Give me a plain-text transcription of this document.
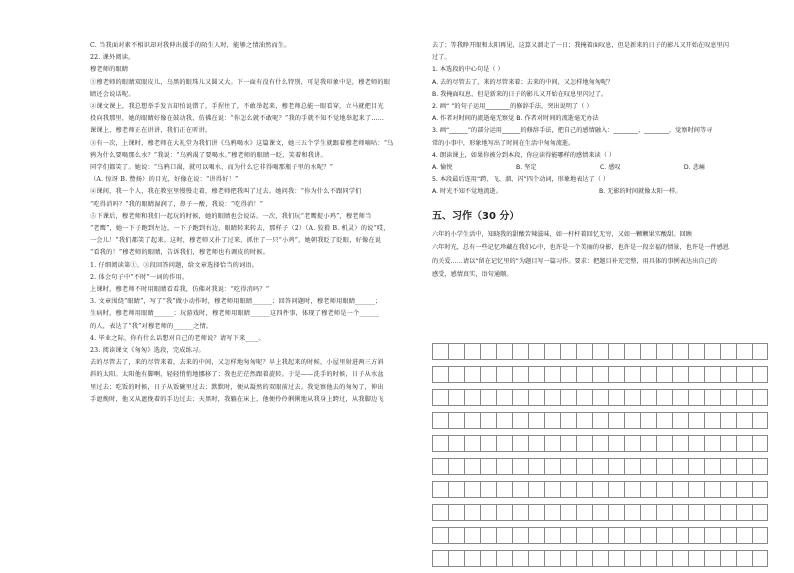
C. 当我面对素不相识却对我伸出援手的陌生人时，能够之情油然而生。
22. 课外阅读。
穆老师的眼睛
①穆老师的眼睛双眼皮儿，乌黑的眼珠儿又圆又大。下一面有没有什么特别，可是我印象中是，穆老师的眼
睛还会说话呢。
②课文课上，我总想举手发言却怕说错了，手捏住了，不敢举起来，穆老师总能一眼看穿，立马就把目光
投向我那里，她的眼睛好像在鼓动我，仿佛在说：“你怎么就不敢呢？”我的手就不知不觉地举起来了……
课课上，穆老师正在讲讲，我们正在听讲。
③有一次，上课时，穆老师在大礼堂为我们讲《乌鸦喝水》这篇课文，她三五个学生就跟着穆老师嘀咕：“乌
鸦为什么要喝那么水？”我说：“乌鸦渴了要喝水。”穆老师的眼睛一眨，笑着和我讲。
同学们都笑了。她说：“乌鸦口渴，就可以喝水，而为什么它非得喝那瓶子里的水呢？”
（A. 惊讶 B. 赞扬）的目光，好像在说：“讲得好！”
④课间，我一个人，我在教室里慢慢走着，穆老师把我叫了过去。她问我：“你为什么不跟同学们
“吃得消吗？”我的眼睛湿润了，鼻子一酸，我说：“吃得消！”
⑤下课后，穆老师和我们一起玩的时候，她的眼睛也会说话。一次，我们玩“老鹰捉小鸡”，穆老师当
“老鹰”，她一下子跑到左边，一下子跑到右边，眼睛转来转去，那样子（2）（A. 狡猾 B. 机灵）的说“哎，
一会儿！”我们都笑了起来。这时，穆老师又扑了过来，抓住了一只“小鸡”，她朝我眨了眨眼，好像在说
“看我的！”穆老师的眼睛，告诉我们，穆老师也有调皮的时候。
1. 仔细阅读第①、③段回答问题，给文章选择恰当的词语。
2. 体会句子中“不时”一词的作用。
上课时，穆老师不时用眼睛看看我，仿佛对我说：“吃得消吗？”
3. 文章围绕“眼睛”，写了“我”做小动作时，穆老师用眼睛______；回答问题时，穆老师用眼睛______；
生病时，穆老师用眼睛______；玩游戏时，穆老师用眼睛______这四件事，体现了穆老师是一个______
的人，表达了“我”对穆老师的______之情。
4. 毕业之际，你有什么话想对自己的老师说？请写下来____。
23. 阅读课文《匆匆》选段，完成练习。
去的尽管去了，来的尽管来着，去来的中间，又怎样地匆匆呢？早上我起来的时候，小屋里射进两三方斜
斜的太阳。太阳他有脚啊，轻轻悄悄地挪移了；我也茫茫然跟着旋转。于是——洗手的时候，日子从水盆
里过去；吃饭的时候，日子从饭碗里过去；默默时，便从凝然的双眼前过去。我觉察他去的匆匆了，伸出
手遮挽时，他又从遮挽着的手边过去；天黑时，我躺在床上，他便伶伶俐俐地从我身上跨过，从我脚边飞
去了；等我睁开眼和太阳再见，这算又溜走了一日；我掩着面叹息，但是新来的日子的影儿又开始在叹息里闪
过了。
1. 本选段的中心句是（ ）
A. 去的尽管去了，来的尽管来着；去来的中间，又怎样地匆匆呢？
B. 我掩面叹息，但是新来的日子的影儿又开始在叹息里闪过了。
2. 画“ ”的句子运用________的修辞手法，突出说明了（ ）
A. 作者对时间的流逝毫无察觉 B. 作者对时间的流逝毫无办法
3. 画“______”的部分运用______的修辞手法，把自己的感情融入：________、________，觉察时间等寻
常的小事中，形象地写出了时间在生活中匆匆流逝。
4. 朗读课上，如果你被分到本段，你应读得能哪样的感情来读（ ）
A. 愉悦	B. 坚定	C. 感叹	D. 悲痛
5. 本段最后连用“跨、飞、溜、闪”四个动词，形象地表达了（ ）
A. 时光不知不觉地流逝。	B. 无影的时间就像太阳一样。
五、习作（30 分）
六年的小学生活中，知晓我的甜酸苦辣滋味，如一杆杆着回忆无穷，又如一颗颗果实酸甜。回顾
六年时光，总有一些记忆珍藏在我们心中，也许是一个美丽的身影，也许是一段幸福的情景，也许是一件感恩
的关爱……请以“留在记忆里的”为题目写一篇习作。要求：把题目补充完整，用具体的事例表达出自己的
感受，感情真实，语句通顺。
